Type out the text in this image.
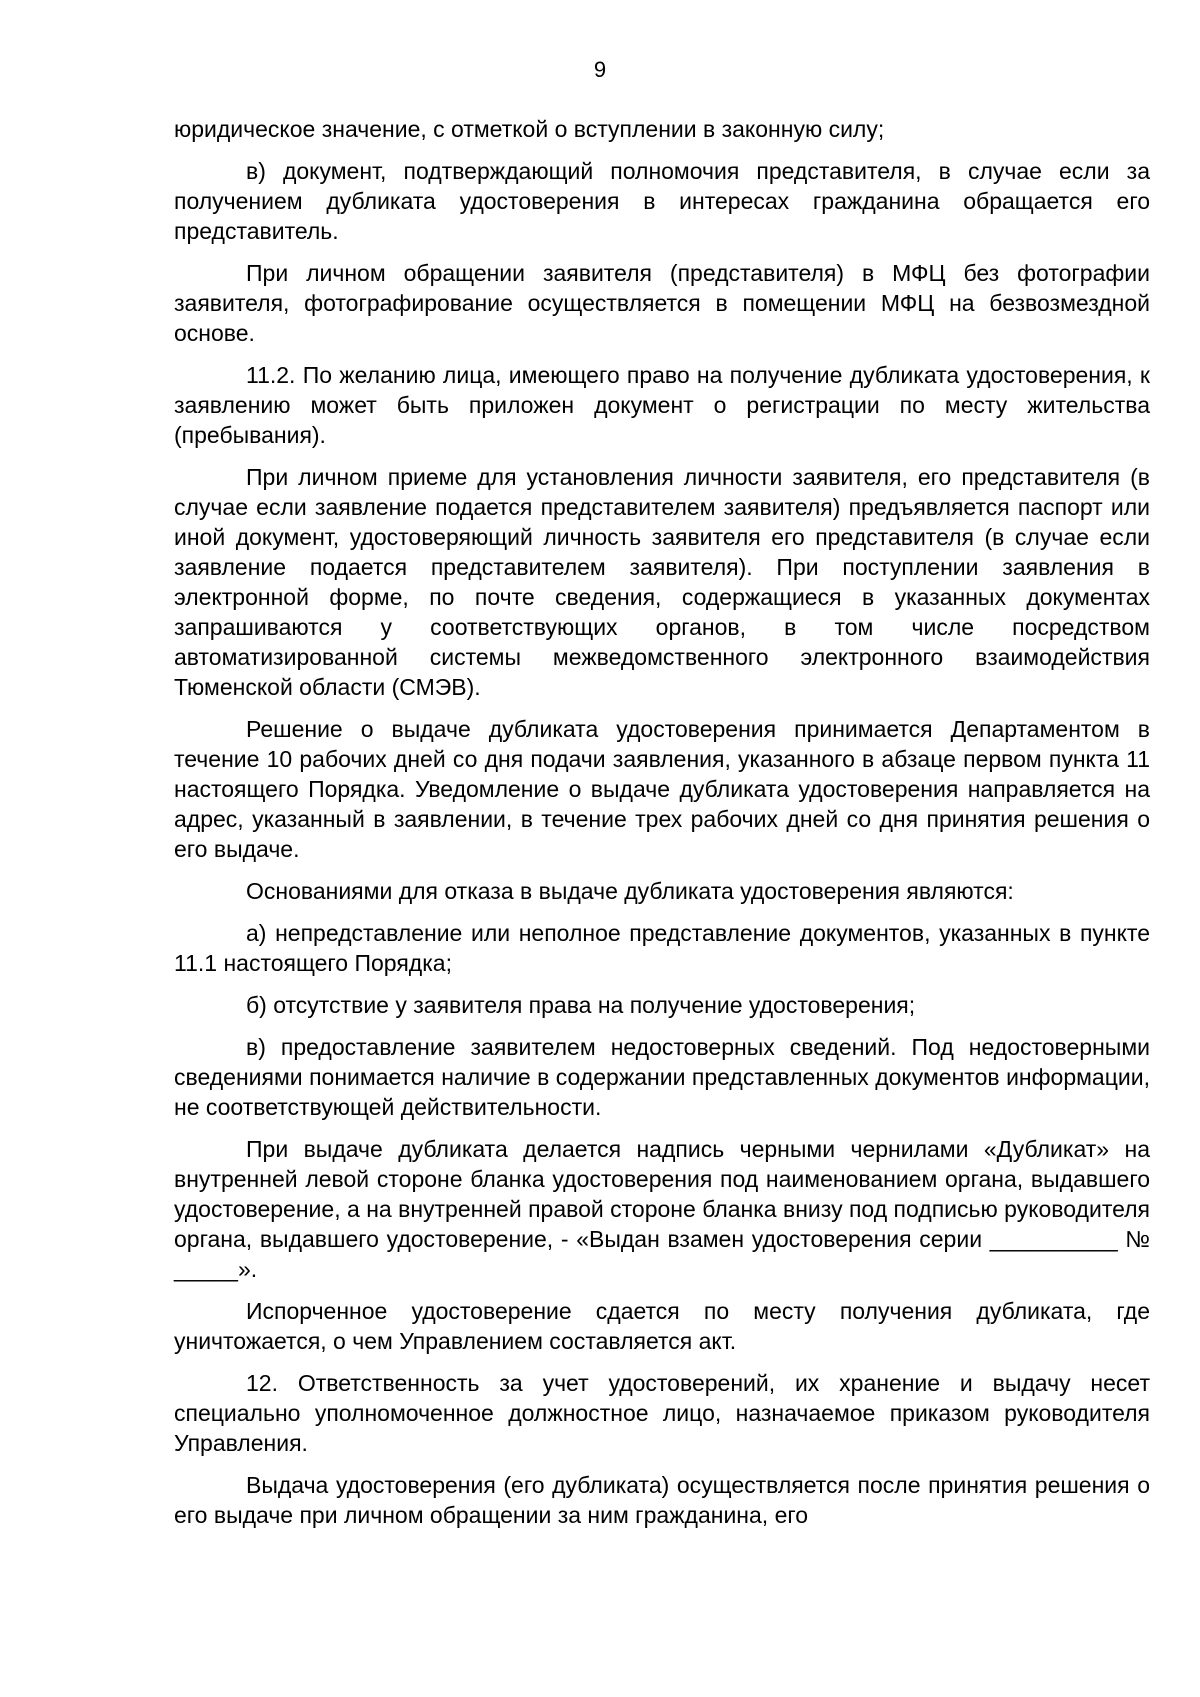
9

юридическое значение, с отметкой о вступлении в законную силу;

в) документ, подтверждающий полномочия представителя, в случае если за получением дубликата удостоверения в интересах гражданина обращается его представитель.

При личном обращении заявителя (представителя) в МФЦ без фотографии заявителя, фотографирование осуществляется в помещении МФЦ на безвозмездной основе.

11.2. По желанию лица, имеющего право на получение дубликата удостоверения, к заявлению может быть приложен документ о регистрации по месту жительства (пребывания).

При личном приеме для установления личности заявителя, его представителя (в случае если заявление подается представителем заявителя) предъявляется паспорт или иной документ, удостоверяющий личность заявителя его представителя (в случае если заявление подается представителем заявителя). При поступлении заявления в электронной форме, по почте сведения, содержащиеся в указанных документах запрашиваются у соответствующих органов, в том числе посредством автоматизированной системы межведомственного электронного взаимодействия Тюменской области (СМЭВ).

Решение о выдаче дубликата удостоверения принимается Департаментом в течение 10 рабочих дней со дня подачи заявления, указанного в абзаце первом пункта 11 настоящего Порядка. Уведомление о выдаче дубликата удостоверения направляется на адрес, указанный в заявлении, в течение трех рабочих дней со дня принятия решения о его выдаче.

Основаниями для отказа в выдаче дубликата удостоверения являются:

а) непредставление или неполное представление документов, указанных в пункте 11.1 настоящего Порядка;

б) отсутствие у заявителя права на получение удостоверения;

в) предоставление заявителем недостоверных сведений. Под недостоверными сведениями понимается наличие в содержании представленных документов информации, не соответствующей действительности.

При выдаче дубликата делается надпись черными чернилами «Дубликат» на внутренней левой стороне бланка удостоверения под наименованием органа, выдавшего удостоверение, а на внутренней правой стороне бланка внизу под подписью руководителя органа, выдавшего удостоверение, - «Выдан взамен удостоверения серии __________ № _____».

Испорченное удостоверение сдается по месту получения дубликата, где уничтожается, о чем Управлением составляется акт.

12. Ответственность за учет удостоверений, их хранение и выдачу несет специально уполномоченное должностное лицо, назначаемое приказом руководителя Управления.

Выдача удостоверения (его дубликата) осуществляется после принятия решения о его выдаче при личном обращении за ним гражданина, его
